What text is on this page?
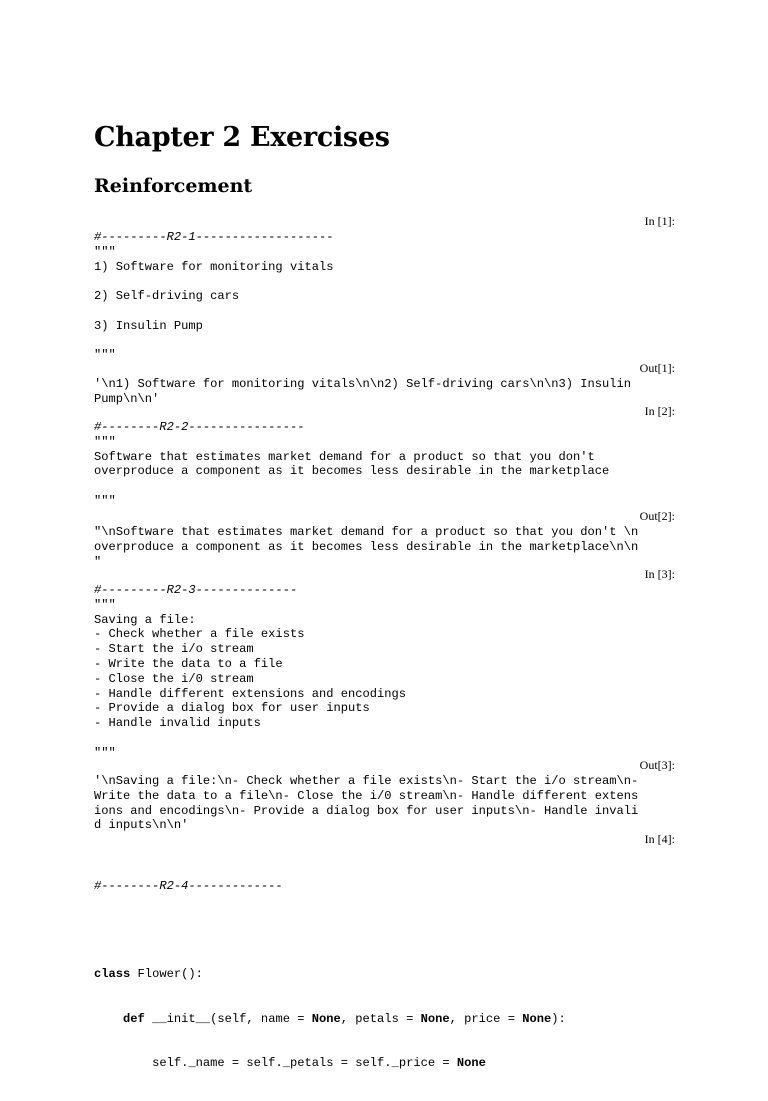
Chapter 2 Exercises
Reinforcement
In [1]:
#---------R2-1-------------------
"""
1) Software for monitoring vitals
2) Self-driving cars
3) Insulin Pump
"""
Out[1]:
'\n1) Software for monitoring vitals\n\n2) Self-driving cars\n\n3) Insulin
Pump\n\n'
In [2]:
#--------R2-2----------------
"""
Software that estimates market demand for a product so that you don't
overproduce a component as it becomes less desirable in the marketplace
"""
Out[2]:
"\nSoftware that estimates market demand for a product so that you don't \n
overproduce a component as it becomes less desirable in the marketplace\n\n
"
In [3]:
#---------R2-3--------------
"""
Saving a file:
- Check whether a file exists
- Start the i/o stream
- Write the data to a file
- Close the i/0 stream
- Handle different extensions and encodings
- Provide a dialog box for user inputs
- Handle invalid inputs
"""
Out[3]:
'\nSaving a file:\n- Check whether a file exists\n- Start the i/o stream\n-
Write the data to a file\n- Close the i/0 stream\n- Handle different extens
ions and encodings\n- Provide a dialog box for user inputs\n- Handle invali
d inputs\n\n'
In [4]:

#--------R2-4-------------

class Flower():

def __init__(self, name = None, petals = None, price = None):

self._name = self._petals = self._price = None
